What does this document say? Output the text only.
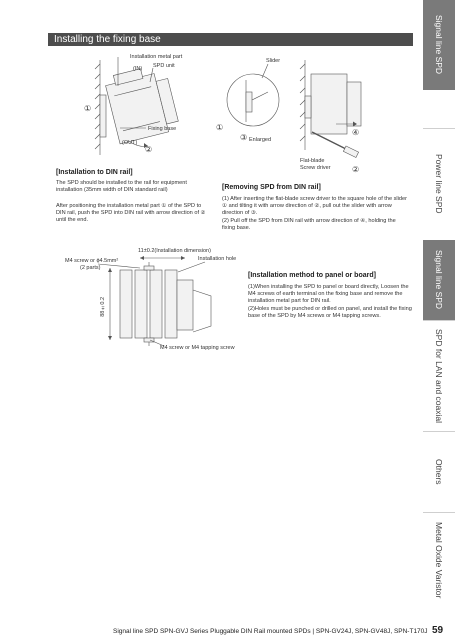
Signal line SPD
Power line SPD
Signal line SPD
SPD for LAN and coaxial
Others
Metal Oxide Varistor
Installing the fixing base
Installation metal part
(IN) SPD unit
Fixing base
(OUT)
①
②
Slider
Enlarged
Flat-blade
Screw driver
①
②
③
④
[Installation to DIN rail]
The SPD should be installed to the rail for equipment installation (35mm width of DIN standard rail)
After positioning the installation metal part ① of the SPD to DIN rail, push the SPD into DIN rail with arrow direction of ② until the end.
[Removing SPD from DIN rail]
(1) After inserting the flat-blade screw driver to the square hole of the slider ① and tilting it with arrow direction of ②, pull out the slider with arrow direction of ③.
(2) Pull off the SPD from DIN rail with arrow direction of ④, holding the fixing base.
11±0.2(Installation dimension)
Installation hole
M4 screw or ϕ4.5mm²
(2 parts)
88±0.2
M4 screw or M4 tapping screw
[Installation method to panel or board]
(1)When installing the SPD to panel or board directly, Loosen the M4 screws of earth terminal on the fixing base and remove the installation metal part for DIN rail.
(2)Holes must be punched or drilled on panel, and install the fixing base of the SPD by M4 screws or M4 tapping screws.
Signal line SPD SPN-GVJ Series Pluggable DIN Rail mounted SPDs | SPN-GV24J, SPN-GV48J, SPN-T170J 59
